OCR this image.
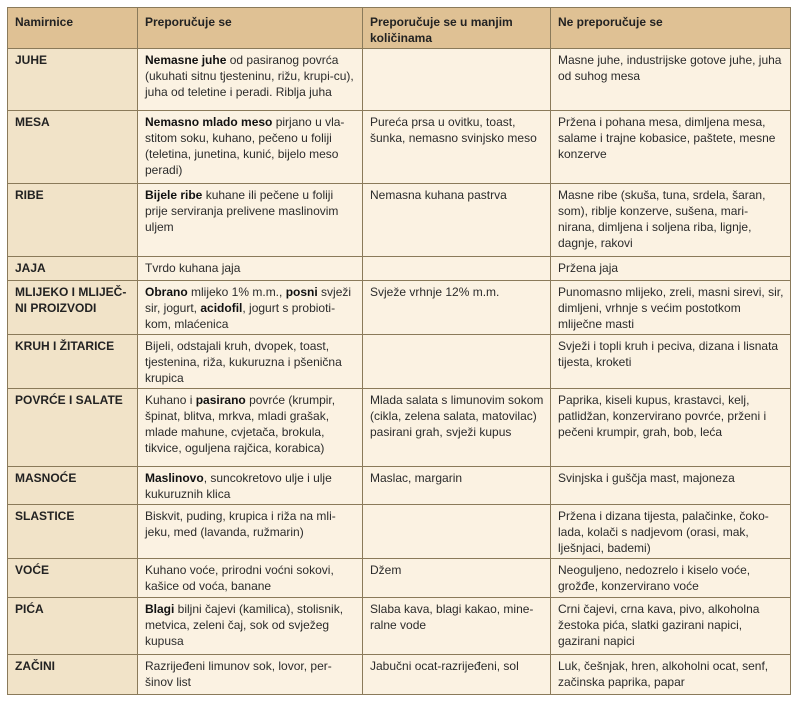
Namirnice	Preporučuje se	Preporučuje se u manjim količinama	Ne preporučuje se
JUHE	Nemasne juhe od pasiranog povrća (ukuhati sitnu tjesteninu, rižu, krupi-cu), juha od teletine i peradi. Riblja juha		Masne juhe, industrijske gotove juhe, juha od suhog mesa
MESA	Nemasno mlado meso pirjano u vla-stitom soku, kuhano, pečeno u foliji (teletina, junetina, kunić, bijelo meso peradi)	Pureća prsa u ovitku, toast, šunka, nemasno svinjsko meso	Pržena i pohana mesa, dimljena mesa, salame i trajne kobasice, paštete, mesne konzerve
RIBE	Bijele ribe kuhane ili pečene u foliji prije serviranja prelivene maslinovim uljem	Nemasna kuhana pastrva	Masne ribe (skuša, tuna, srdela, šaran, som), riblje konzerve, sušena, mari-nirana, dimljena i soljena riba, lignje, dagnje, rakovi
JAJA	Tvrdo kuhana jaja		Pržena jaja
MLIJEKO I MLIJEČ-NI PROIZVODI	Obrano mlijeko 1% m.m., posni svježi sir, jogurt, acidofil, jogurt s probioti-kom, mlaćenica	Svježe vrhnje 12% m.m.	Punomasno mlijeko, zreli, masni sirevi, sir, dimljeni, vrhnje s većim postotkom mliječne masti
KRUH I ŽITARICE	Bijeli, odstajali kruh, dvopek, toast, tjestenina, riža, kukuruzna i pšenična krupica		Svježi i topli kruh i peciva, dizana i lisnata tijesta, kroketi
POVRĆE I SALATE	Kuhano i pasirano povrće (krumpir, špinat, blitva, mrkva, mladi grašak, mlade mahune, cvjetača, brokula, tikvice, oguljena rajčica, korabica)	Mlada salata s limunovim sokom (cikla, zelena salata, matovilac) pasirani grah, svježi kupus	Paprika, kiseli kupus, krastavci, kelj, patlidžan, konzervirano povrće, prženi i pečeni krumpir, grah, bob, leća
MASNOĆE	Maslinovo, suncokretovo ulje i ulje kukuruznih klica	Maslac, margarin	Svinjska i guščja mast, majoneza
SLASTICE	Biskvit, puding, krupica i riža na mli-jeku, med (lavanda, ružmarin)		Pržena i dizana tijesta, palačinke, čoko-lada, kolači s nadjevom (orasi, mak, lješnjaci, bademi)
VOĆE	Kuhano voće, prirodni voćni sokovi, kašice od voća, banane	Džem	Neoguljeno, nedozrelo i kiselo voće, grožđe, konzervirano voće
PIĆA	Blagi biljni čajevi (kamilica), stolisnik, metvica, zeleni čaj, sok od svježeg kupusa	Slaba kava, blagi kakao, mine-ralne vode	Crni čajevi, crna kava, pivo, alkoholna žestoka pića, slatki gazirani napici, gazirani napici
ZAČINI	Razrijeđeni limunov sok, lovor, per-šinov list	Jabučni ocat-razrijeđeni, sol	Luk, češnjak, hren, alkoholni ocat, senf, začinska paprika, papar
